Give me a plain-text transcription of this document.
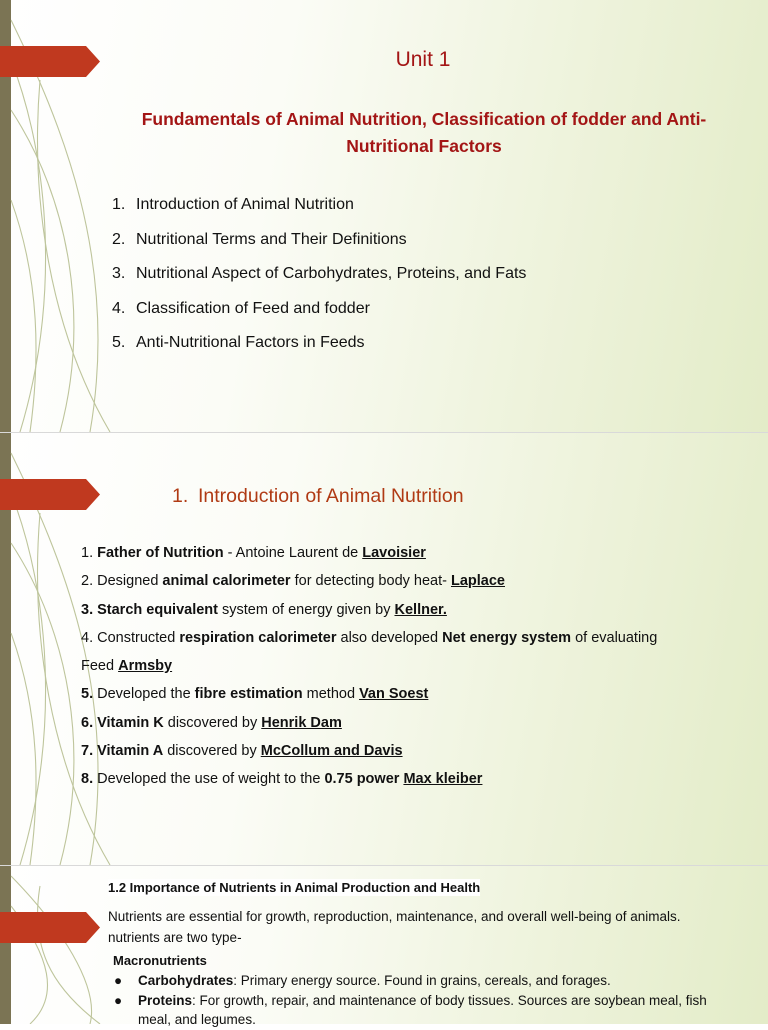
Unit 1
Fundamentals of Animal Nutrition, Classification of fodder and Anti-Nutritional Factors
1. Introduction of Animal Nutrition
2. Nutritional Terms and Their Definitions
3. Nutritional Aspect of Carbohydrates, Proteins, and Fats
4. Classification of Feed and fodder
5. Anti-Nutritional Factors in Feeds
1. Introduction of Animal Nutrition
1. Father of Nutrition - Antoine Laurent de Lavoisier
2. Designed animal calorimeter for detecting body heat- Laplace
3. Starch equivalent system of energy given by Kellner.
4. Constructed respiration calorimeter also developed Net energy system of evaluating
Feed Armsby
5. Developed the fibre estimation method Van Soest
6. Vitamin K discovered by Henrik Dam
7. Vitamin A discovered by McCollum and Davis
8. Developed the use of weight to the 0.75 power Max kleiber
1.2 Importance of Nutrients in Animal Production and Health
Nutrients are essential for growth, reproduction, maintenance, and overall well-being of animals. nutrients are two type-
Macronutrients
● Carbohydrates: Primary energy source. Found in grains, cereals, and forages.
● Proteins: For growth, repair, and maintenance of body tissues. Sources are soybean meal, fish meal, and legumes.
